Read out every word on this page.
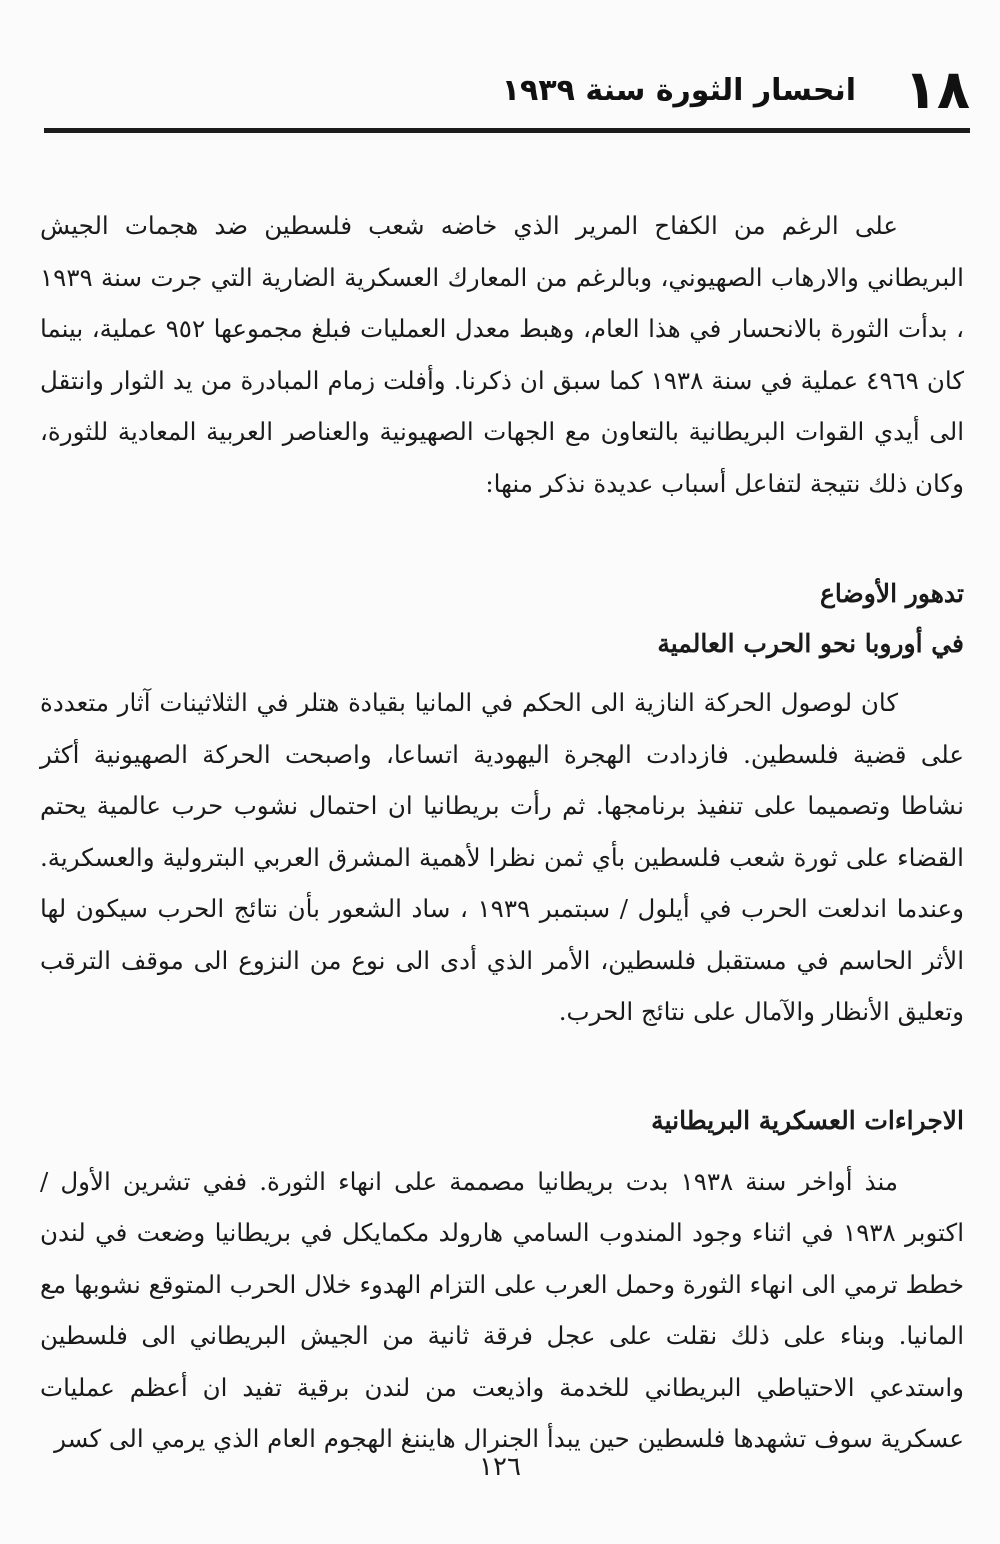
١٨
انحسار الثورة سنة ١٩٣٩

على الرغم من الكفاح المرير الذي خاضه شعب فلسطين ضد هجمات الجيش البريطاني والارهاب الصهيوني، وبالرغم من المعارك العسكرية الضارية التي جرت سنة ١٩٣٩ ، بدأت الثورة بالانحسار في هذا العام، وهبط معدل العمليات فبلغ مجموعها ٩٥٢ عملية، بينما كان ٤٩٦٩ عملية في سنة ١٩٣٨ كما سبق ان ذكرنا. وأفلت زمام المبادرة من يد الثوار وانتقل الى أيدي القوات البريطانية بالتعاون مع الجهات الصهيونية والعناصر العربية المعادية للثورة، وكان ذلك نتيجة لتفاعل أسباب عديدة نذكر منها:

تدهور الأوضاع

في أوروبا نحو الحرب العالمية

كان لوصول الحركة النازية الى الحكم في المانيا بقيادة هتلر في الثلاثينات آثار متعددة على قضية فلسطين. فازدادت الهجرة اليهودية اتساعا، واصبحت الحركة الصهيونية أكثر نشاطا وتصميما على تنفيذ برنامجها. ثم رأت بريطانيا ان احتمال نشوب حرب عالمية يحتم القضاء على ثورة شعب فلسطين بأي ثمن نظرا لأهمية المشرق العربي البترولية والعسكرية. وعندما اندلعت الحرب في أيلول / سبتمبر ١٩٣٩ ، ساد الشعور بأن نتائج الحرب سيكون لها الأثر الحاسم في مستقبل فلسطين، الأمر الذي أدى الى نوع من النزوع الى موقف الترقب وتعليق الأنظار والآمال على نتائج الحرب.

الاجراءات العسكرية البريطانية

منذ أواخر سنة ١٩٣٨ بدت بريطانيا مصممة على انهاء الثورة. ففي تشرين الأول / اكتوبر ١٩٣٨ في اثناء وجود المندوب السامي هارولد مكمايكل في بريطانيا وضعت في لندن خطط ترمي الى انهاء الثورة وحمل العرب على التزام الهدوء خلال الحرب المتوقع نشوبها مع المانيا. وبناء على ذلك نقلت على عجل فرقة ثانية من الجيش البريطاني الى فلسطين واستدعي الاحتياطي البريطاني للخدمة واذيعت من لندن برقية تفيد ان أعظم عمليات عسكرية سوف تشهدها فلسطين حين يبدأ الجنرال هايننغ الهجوم العام الذي يرمي الى كسر

١٢٦
